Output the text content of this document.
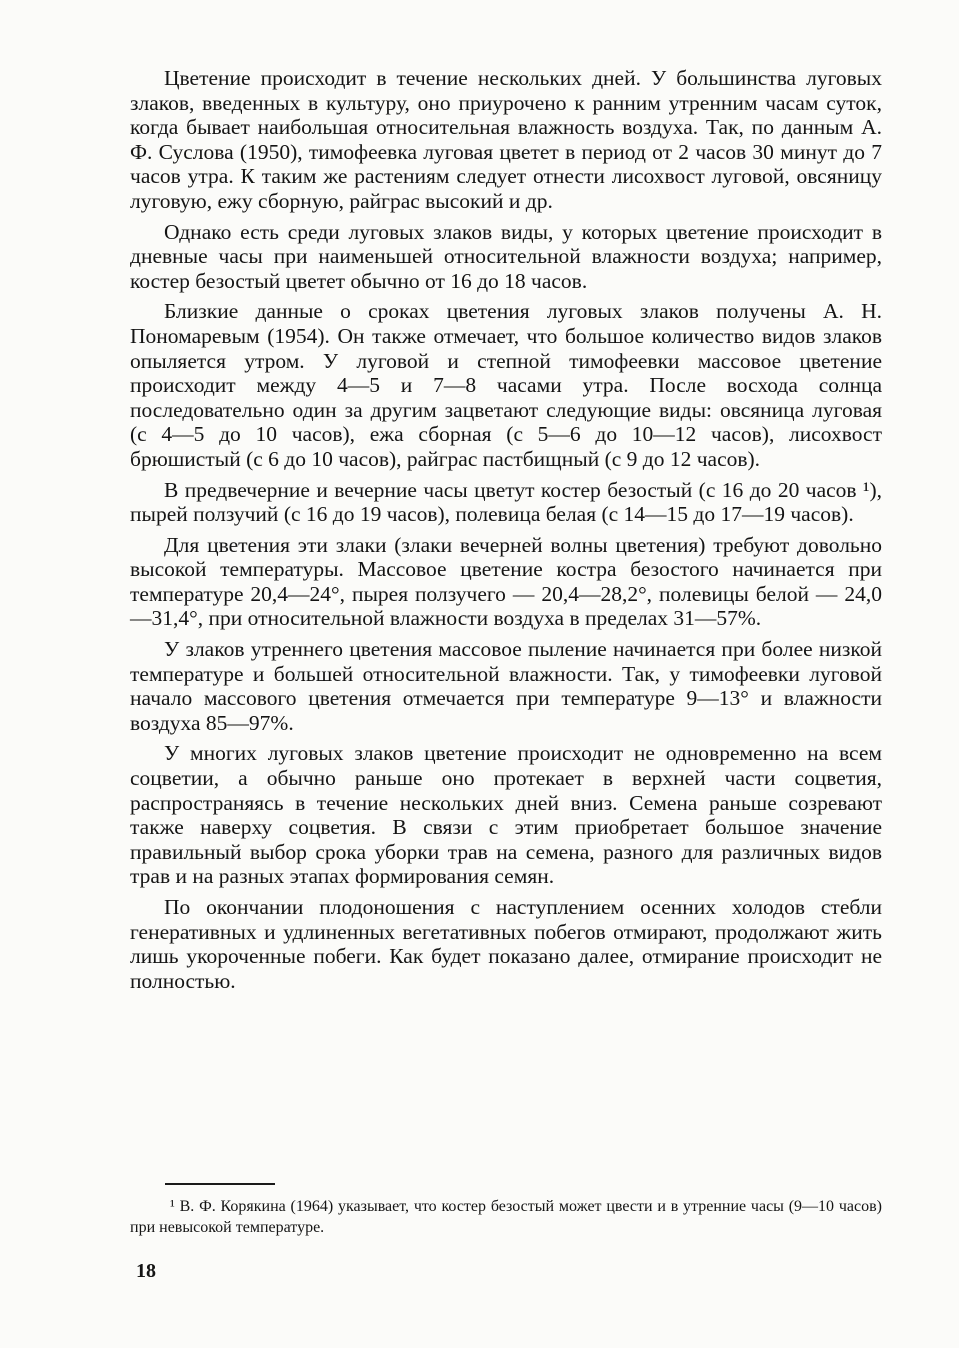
Цветение происходит в течение нескольких дней. У большинства луговых злаков, введенных в культуру, оно приурочено к ранним утренним часам суток, когда бывает наибольшая относительная влажность воздуха. Так, по данным А. Ф. Суслова (1950), тимофеевка луговая цветет в период от 2 часов 30 минут до 7 часов утра. К таким же растениям следует отнести лисохвост луговой, овсяницу луговую, ежу сборную, райграс высокий и др.

Однако есть среди луговых злаков виды, у которых цветение происходит в дневные часы при наименьшей относительной влажности воздуха; например, костер безостый цветет обычно от 16 до 18 часов.

Близкие данные о сроках цветения луговых злаков получены А. Н. Пономаревым (1954). Он также отмечает, что большое количество видов злаков опыляется утром. У луговой и степной тимофеевки массовое цветение происходит между 4—5 и 7—8 часами утра. После восхода солнца последовательно один за другим зацветают следующие виды: овсяница луговая (с 4—5 до 10 часов), ежа сборная (с 5—6 до 10—12 часов), лисохвост брюшистый (с 6 до 10 часов), райграс пастбищный (с 9 до 12 часов).

В предвечерние и вечерние часы цветут костер безостый (с 16 до 20 часов ¹), пырей ползучий (с 16 до 19 часов), полевица белая (с 14—15 до 17—19 часов).

Для цветения эти злаки (злаки вечерней волны цветения) требуют довольно высокой температуры. Массовое цветение костра безостого начинается при температуре 20,4—24°, пырея ползучего — 20,4—28,2°, полевицы белой — 24,0—31,4°, при относительной влажности воздуха в пределах 31—57%.

У злаков утреннего цветения массовое пыление начинается при более низкой температуре и большей относительной влажности. Так, у тимофеевки луговой начало массового цветения отмечается при температуре 9—13° и влажности воздуха 85—97%.

У многих луговых злаков цветение происходит не одновременно на всем соцветии, а обычно раньше оно протекает в верхней части соцветия, распространяясь в течение нескольких дней вниз. Семена раньше созревают также наверху соцветия. В связи с этим приобретает большое значение правильный выбор срока уборки трав на семена, разного для различных видов трав и на разных этапах формирования семян.

По окончании плодоношения с наступлением осенних холодов стебли генеративных и удлиненных вегетативных побегов отмирают, продолжают жить лишь укороченные побеги. Как будет показано далее, отмирание происходит не полностью.

¹ В. Ф. Корякина (1964) указывает, что костер безостый может цвести и в утренние часы (9—10 часов) при невысокой температуре.

18
